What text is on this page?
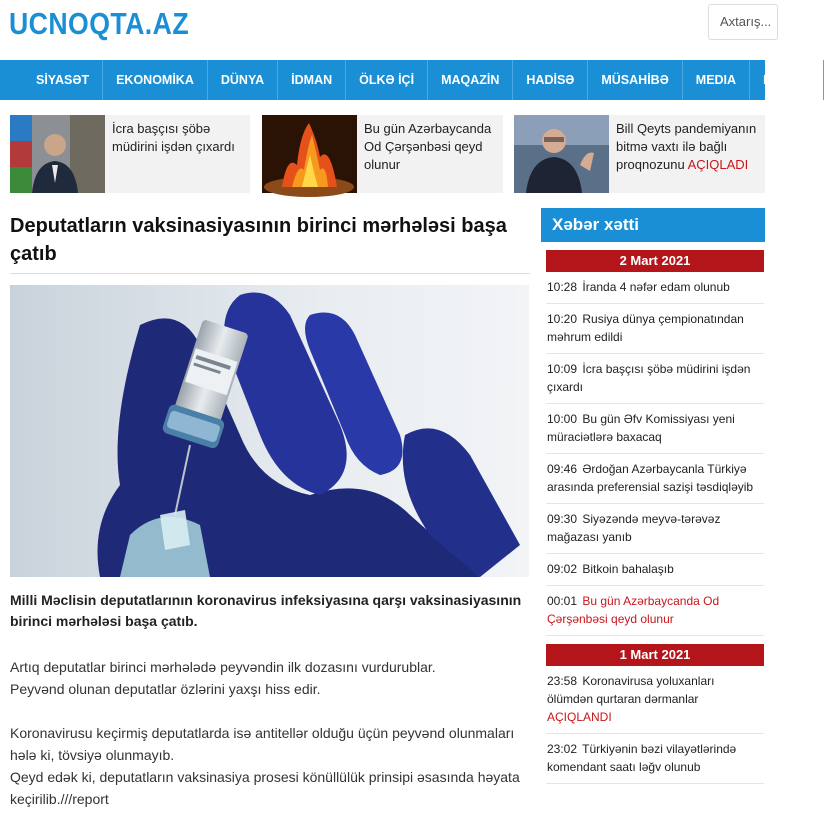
UCNOQTA.AZ	Axtarış...
SİYASƏT	EKONOMİKA	DÜNYA	İDMAN	ÖLKƏ İÇİ	MAQAZİN	HADİSƏ	MÜSAHİBƏ	MEDIA	MƏDƏN
İcra başçısı şöbə müdirini işdən çıxardı
Bu gün Azərbaycanda Od Çərşənbəsi qeyd olunur
Bill Qeyts pandemiyanın bitmə vaxtı ilə bağlı proqnozunu AÇIQLADI
Deputatların vaksinasiyasının birinci mərhələsi başa çatıb

Milli Məclisin deputatlarının koronavirus infeksiyasına qarşı vaksinasiyasının birinci mərhələsi başa çatıb.

Artıq deputatlar birinci mərhələdə peyvəndin ilk dozasını vurdurublar.

Peyvənd olunan deputatlar özlərini yaxşı hiss edir.

Koronavirusu keçirmiş deputatlarda isə antitellər olduğu üçün peyvənd olunmaları hələ ki, tövsiyə olunmayıb.

Qeyd edək ki, deputatların vaksinasiya prosesi könüllülük prinsipi əsasında həyata keçirilib.///report

Xəbər xətti
2 Mart 2021
10:28 İranda 4 nəfər edam olunub
10:20 Rusiya dünya çempionatından məhrum edildi
10:09 İcra başçısı şöbə müdirini işdən çıxardı
10:00 Bu gün Əfv Komissiyası yeni müraciətlərə baxacaq
09:46 Ərdoğan Azərbaycanla Türkiyə arasında preferensial sazişi təsdiqləyib
09:30 Siyəzəndə meyvə-tərəvəz mağazası yanıb
09:02 Bitkoin bahalaşıb
00:01 Bu gün Azərbaycanda Od Çərşənbəsi qeyd olunur
1 Mart 2021
23:58 Koronavirusa yoluxanları ölümdən qurtaran dərmanlar AÇIQLANDI
23:02 Türkiyənin bəzi vilayətlərində komendant saatı ləğv olunub
